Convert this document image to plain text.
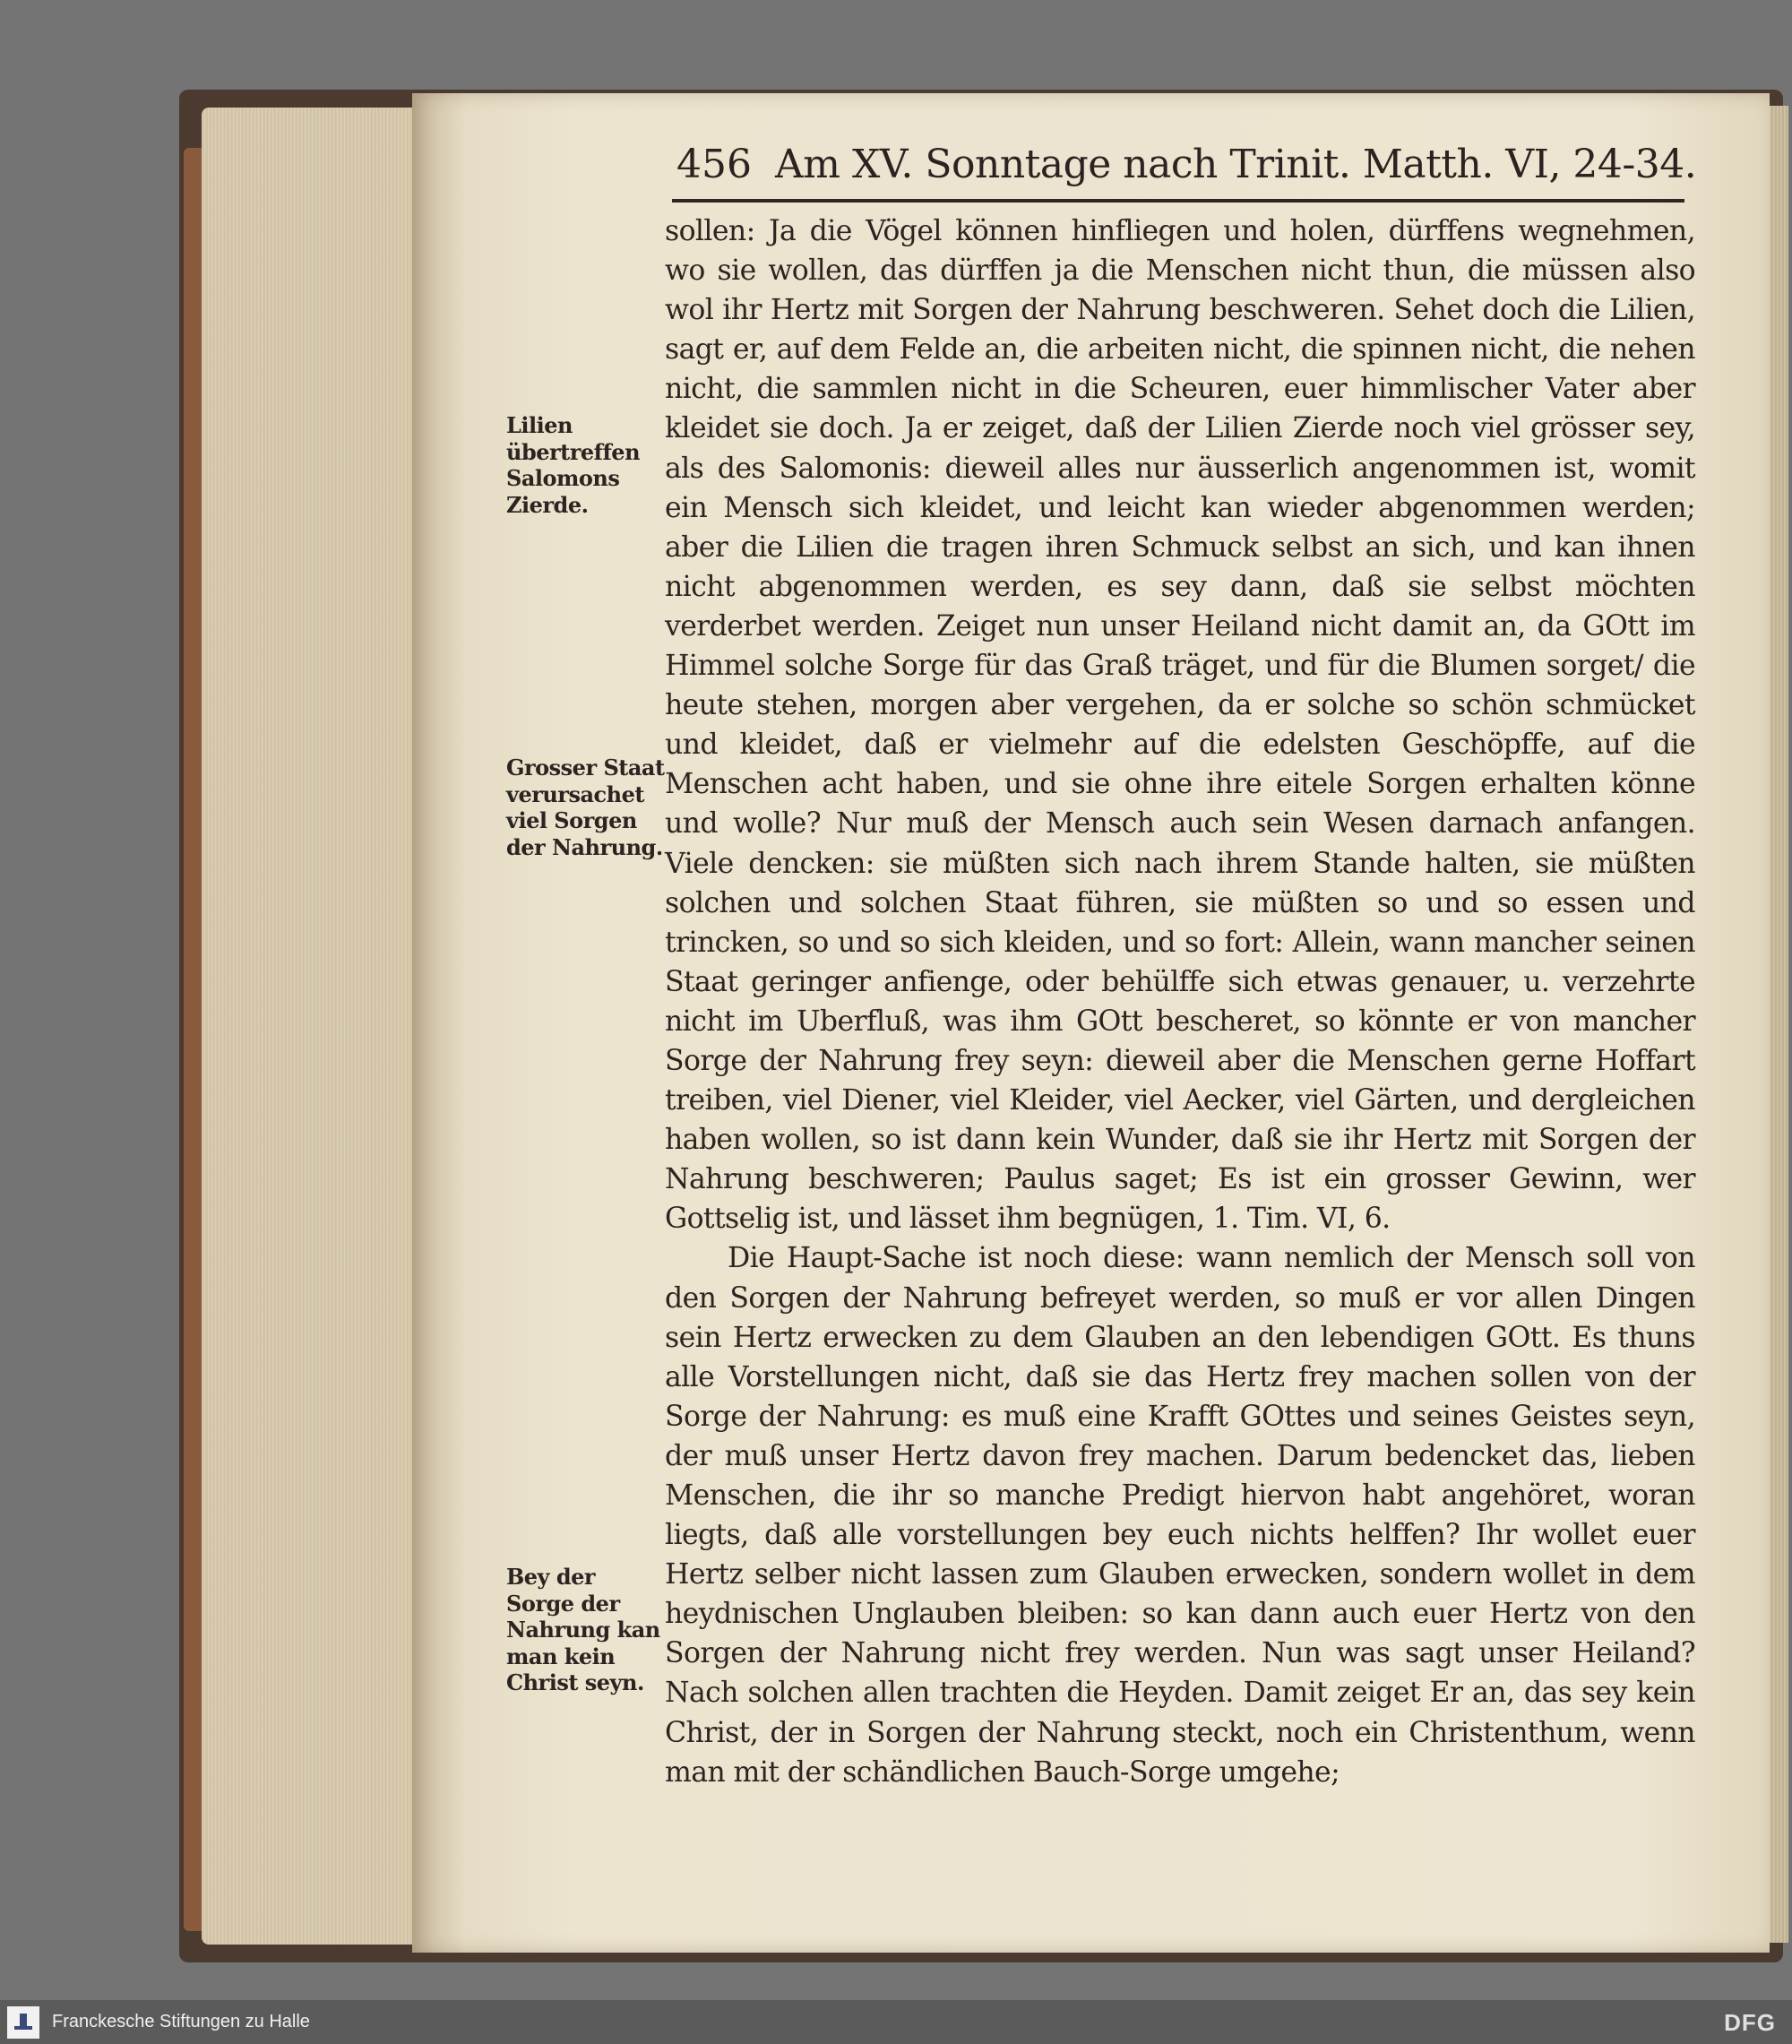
456 Am XV. Sonntage nach Trinit. Matth. VI, 24-34.
Lilien übertreffen Salomons Zierde.
Grosser Staat verursachet viel Sorgen der Nahrung.
Bey der Sorge der Nahrung kan man kein Christ seyn.

sollen: Ja die Vögel können hinfliegen und holen, dürffens wegnehmen, wo sie wollen, das dürffen ja die Menschen nicht thun, die müssen also wol ihr Hertz mit Sorgen der Nahrung beschweren. Sehet doch die Lilien, sagt er, auf dem Felde an, die arbeiten nicht, die spinnen nicht, die nehen nicht, die sammlen nicht in die Scheuren, euer himmlischer Vater aber kleidet sie doch. Ja er zeiget, daß der Lilien Zierde noch viel grösser sey, als des Salomonis: dieweil alles nur äusserlich angenommen ist, womit ein Mensch sich kleidet, und leicht kan wieder abgenommen werden; aber die Lilien die tragen ihren Schmuck selbst an sich, und kan ihnen nicht abgenommen werden, es sey dann, daß sie selbst möchten verderbet werden. Zeiget nun unser Heiland nicht damit an, da GOtt im Himmel solche Sorge für das Graß träget, und für die Blumen sorget/ die heute stehen, morgen aber vergehen, da er solche so schön schmücket und kleidet, daß er vielmehr auf die edelsten Geschöpffe, auf die Menschen acht haben, und sie ohne ihre eitele Sorgen erhalten könne und wolle? Nur muß der Mensch auch sein Wesen darnach anfangen. Viele dencken: sie müßten sich nach ihrem Stande halten, sie müßten solchen und solchen Staat führen, sie müßten so und so essen und trincken, so und so sich kleiden, und so fort: Allein, wann mancher seinen Staat geringer anfienge, oder behülffe sich etwas genauer, u. verzehrte nicht im Uberfluß, was ihm GOtt bescheret, so könnte er von mancher Sorge der Nahrung frey seyn: dieweil aber die Menschen gerne Hoffart treiben, viel Diener, viel Kleider, viel Aecker, viel Gärten, und dergleichen haben wollen, so ist dann kein Wunder, daß sie ihr Hertz mit Sorgen der Nahrung beschweren; Paulus saget; Es ist ein grosser Gewinn, wer Gottselig ist, und lässet ihm begnügen, 1. Tim. VI, 6.

Die Haupt-Sache ist noch diese: wann nemlich der Mensch soll von den Sorgen der Nahrung befreyet werden, so muß er vor allen Dingen sein Hertz erwecken zu dem Glauben an den lebendigen GOtt. Es thuns alle Vorstellungen nicht, daß sie das Hertz frey machen sollen von der Sorge der Nahrung: es muß eine Krafft GOttes und seines Geistes seyn, der muß unser Hertz davon frey machen. Darum bedencket das, lieben Menschen, die ihr so manche Predigt hiervon habt angehöret, woran liegts, daß alle vorstellungen bey euch nichts helffen? Ihr wollet euer Hertz selber nicht lassen zum Glauben erwecken, sondern wollet in dem heydnischen Unglauben bleiben: so kan dann auch euer Hertz von den Sorgen der Nahrung nicht frey werden. Nun was sagt unser Heiland? Nach solchen allen trachten die Heyden. Damit zeiget Er an, das sey kein Christ, der in Sorgen der Nahrung steckt, noch ein Christenthum, wenn man mit der schändlichen Bauch-Sorge umgehe;

Franckesche Stiftungen zu Halle	DFG
